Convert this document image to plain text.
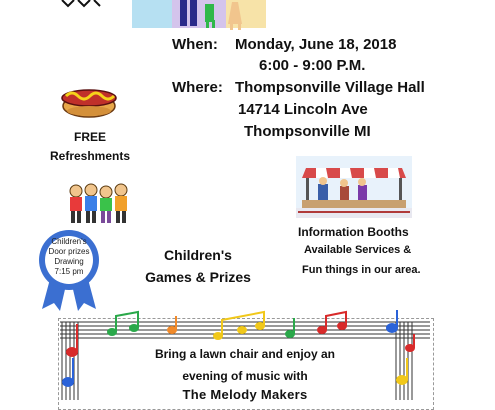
When: Monday, June 18, 2018
6:00 - 9:00 P.M.
Where: Thompsonville Village Hall
14714 Lincoln Ave
Thompsonville MI
FREE
Refreshments
Children's
Door prizes
Drawing
7:15 pm
Children's
Games & Prizes
Information Booths
Available Services &
Fun things in our area.
Bring a lawn chair and enjoy an
evening of music with
The Melody Makers
